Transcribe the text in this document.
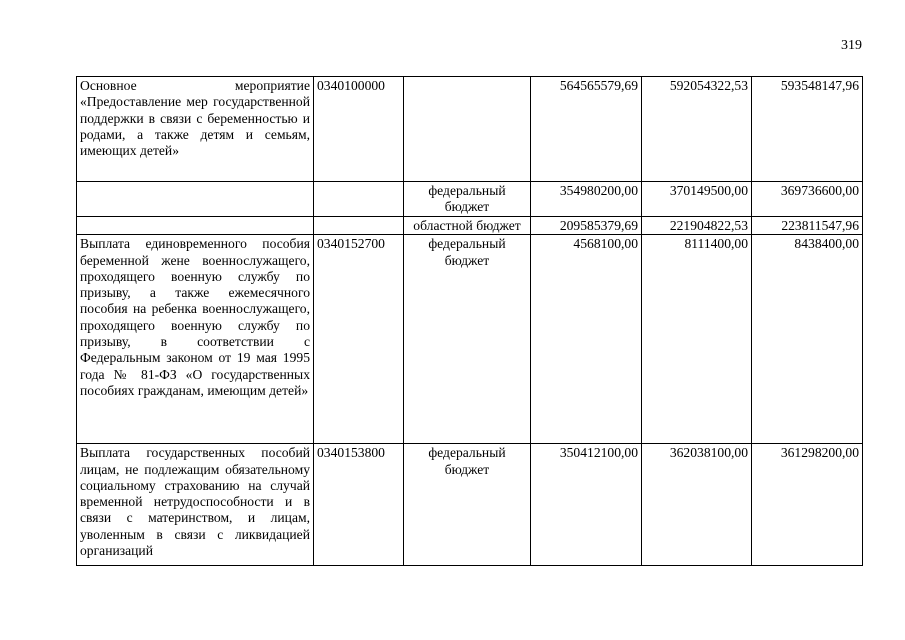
319
Основное мероприятие «Предоставление мер государственной поддержки в связи с беременностью и родами, а также детям и семьям, имеющих детей»	0340100000		564565579,69	592054322,53	593548147,96
		федеральный бюджет	354980200,00	370149500,00	369736600,00
		областной бюджет	209585379,69	221904822,53	223811547,96
Выплата единовременного пособия беременной жене военнослужащего, проходящего военную службу по призыву, а также ежемесячного пособия на ребенка военнослужащего, проходящего военную службу по призыву, в соответствии с Федеральным законом от 19 мая 1995 года № 81-ФЗ «О государственных пособиях гражданам, имеющим детей»	0340152700	федеральный бюджет	4568100,00	8111400,00	8438400,00
Выплата государственных пособий лицам, не подлежащим обязательному социальному страхованию на случай временной нетрудоспособности и в связи с материнством, и лицам, уволенным в связи с ликвидацией организаций	0340153800	федеральный бюджет	350412100,00	362038100,00	361298200,00
